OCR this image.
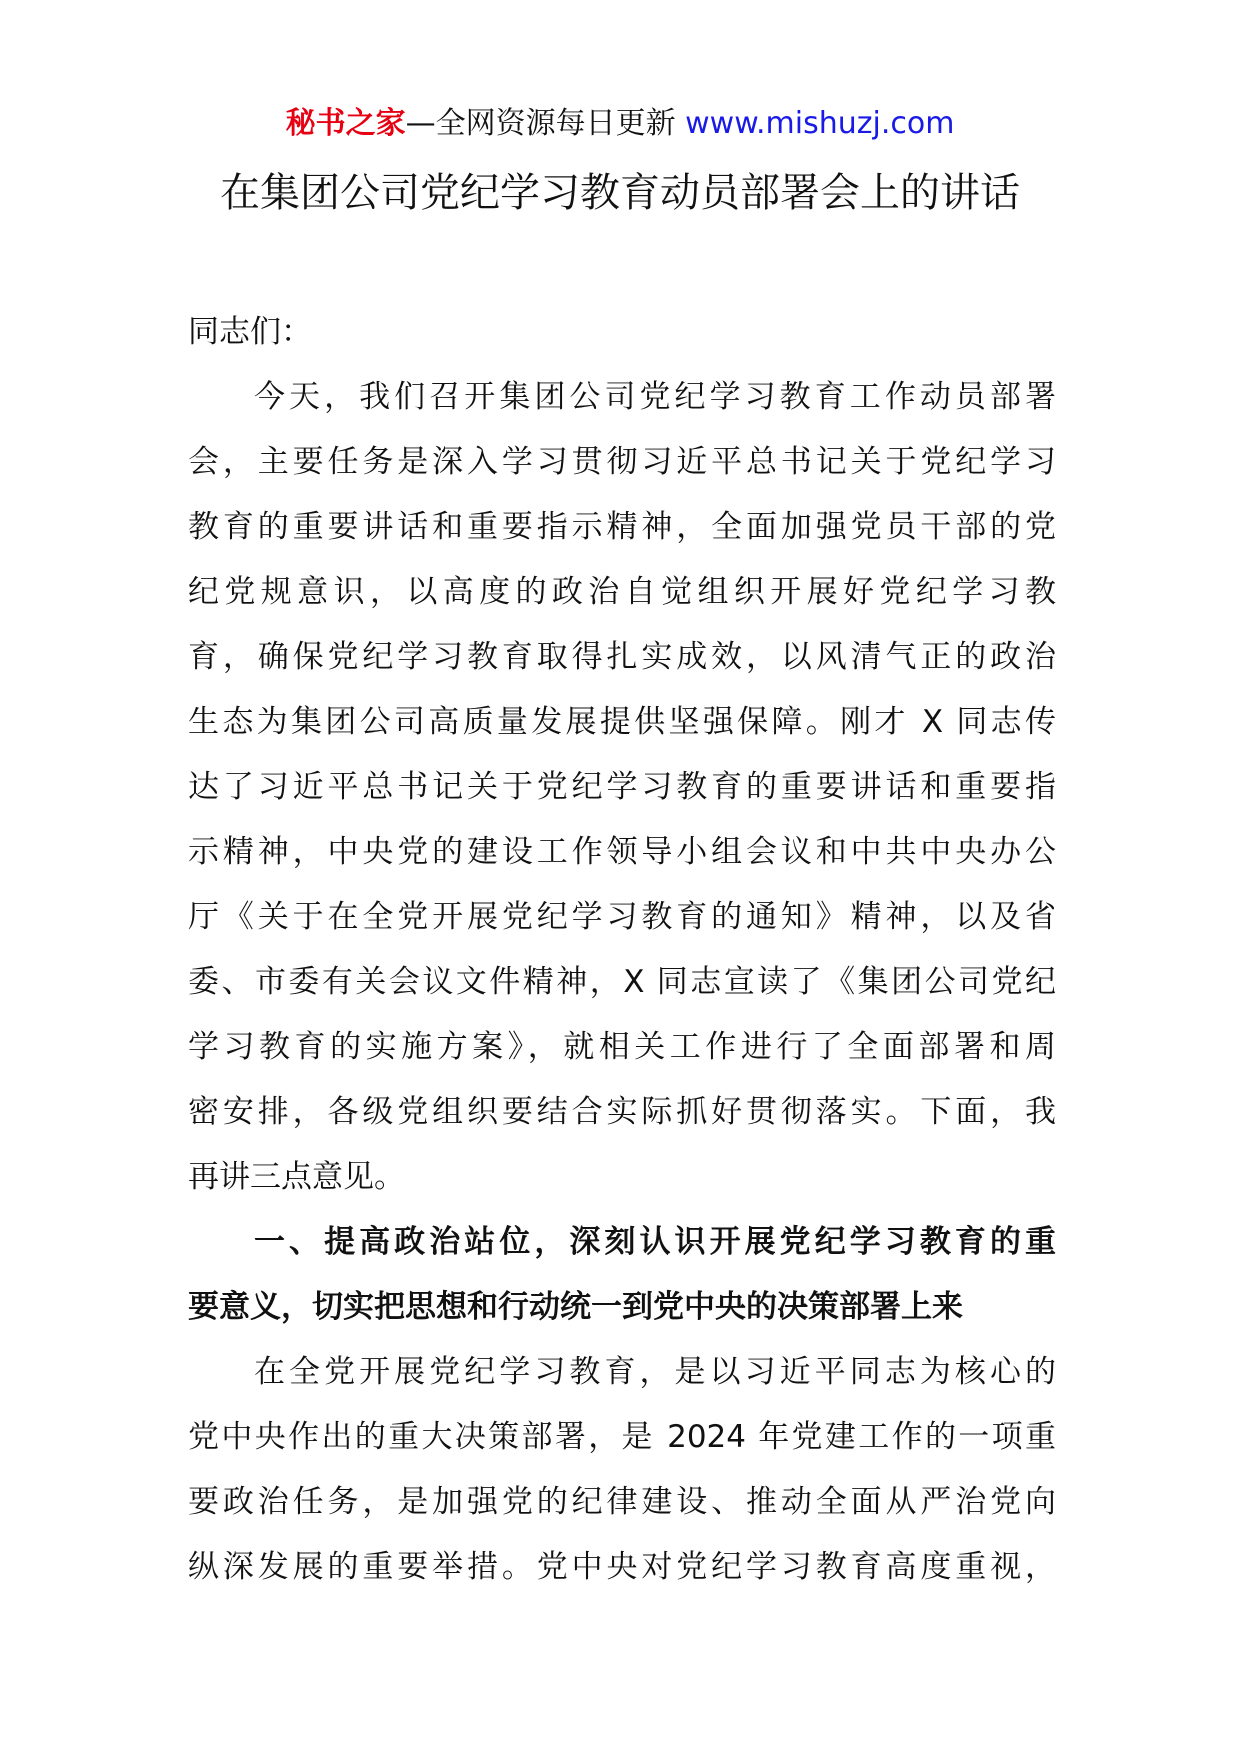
秘书之家—全网资源每日更新 www.mishuzj.com
在集团公司党纪学习教育动员部署会上的讲话
同志们：
今天，我们召开集团公司党纪学习教育工作动员部署
会，主要任务是深入学习贯彻习近平总书记关于党纪学习
教育的重要讲话和重要指示精神，全面加强党员干部的党
纪党规意识，以高度的政治自觉组织开展好党纪学习教
育，确保党纪学习教育取得扎实成效，以风清气正的政治
生态为集团公司高质量发展提供坚强保障。刚才 X 同志传
达了习近平总书记关于党纪学习教育的重要讲话和重要指
示精神，中央党的建设工作领导小组会议和中共中央办公
厅《关于在全党开展党纪学习教育的通知》精神，以及省
委、市委有关会议文件精神，X 同志宣读了《集团公司党纪
学习教育的实施方案》，就相关工作进行了全面部署和周
密安排，各级党组织要结合实际抓好贯彻落实。下面，我
再讲三点意见。
一、提高政治站位，深刻认识开展党纪学习教育的重
要意义，切实把思想和行动统一到党中央的决策部署上来
在全党开展党纪学习教育，是以习近平同志为核心的
党中央作出的重大决策部署，是 2024 年党建工作的一项重
要政治任务，是加强党的纪律建设、推动全面从严治党向
纵深发展的重要举措。党中央对党纪学习教育高度重视，
